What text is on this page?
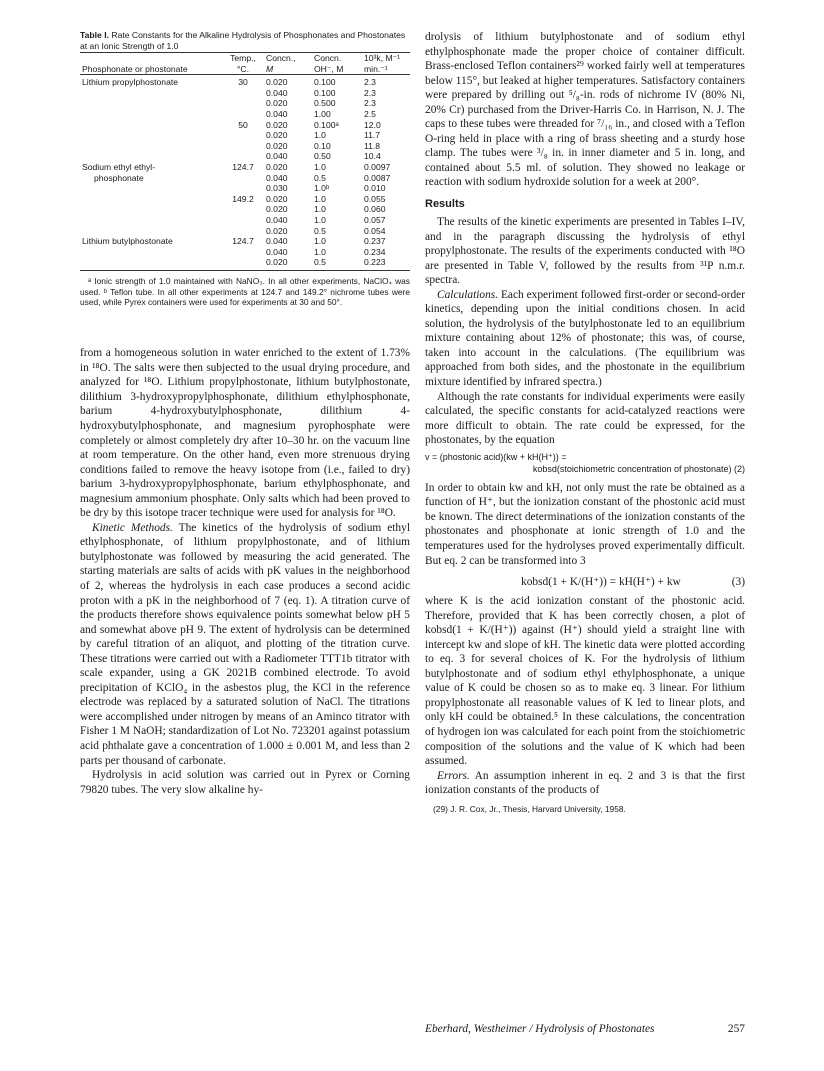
Table I. Rate Constants for the Alkaline Hydrolysis of Phosphonates and Phostonates at an Ionic Strength of 1.0

	Temp.,	Concn.,	Concn.	10³k, M⁻¹
Phosphonate or phostonate	°C.	M	OH⁻, M	min.⁻¹
Lithium propylphostonate	30	0.020	0.100	2.3
		0.040	0.100	2.3
		0.020	0.500	2.3
		0.040	1.00	2.5
	50	0.020	0.100ᵃ	12.0
		0.020	1.0	11.7
		0.020	0.10	11.8
		0.040	0.50	10.4
Sodium ethyl ethyl-	124.7	0.020	1.0	0.0097
phosphonate		0.040	0.5	0.0087
		0.030	1.0ᵇ	0.010
	149.2	0.020	1.0	0.055
		0.020	1.0	0.060
		0.040	1.0	0.057
		0.020	0.5	0.054
Lithium butylphostonate	124.7	0.040	1.0	0.237
		0.040	1.0	0.234
		0.020	0.5	0.223

ᵃ Ionic strength of 1.0 maintained with NaNO₃. In all other experiments, NaClO₄ was used. ᵇ Teflon tube. In all other experiments at 124.7 and 149.2° nichrome tubes were used, while Pyrex containers were used for experiments at 30 and 50°.

from a homogeneous solution in water enriched to the extent of 1.73% in ¹⁸O. The salts were then subjected to the usual drying procedure, and analyzed for ¹⁸O. Lithium propylphostonate, lithium butylphostonate, dilithium 3-hydroxypropylphosphonate, dilithium ethylphosphonate, barium 4-hydroxybutylphosphonate, dilithium 4-hydroxybutylphosphonate, and magnesium pyrophosphate were completely or almost completely dry after 10–30 hr. on the vacuum line at room temperature. On the other hand, even more strenuous drying conditions failed to remove the heavy isotope from (i.e., failed to dry) barium 3-hydroxypropylphosphonate, barium ethylphosphonate, and magnesium ammonium phosphate. Only salts which had been proved to be dry by this isotope tracer technique were used for analysis for ¹⁸O.

Kinetic Methods. The kinetics of the hydrolysis of sodium ethyl ethylphosphonate, of lithium propylphostonate, and of lithium butylphostonate was followed by measuring the acid generated. The starting materials are salts of acids with pK values in the neighborhood of 2, whereas the hydrolysis in each case produces a second acidic proton with a pK in the neighborhood of 7 (eq. 1). A titration curve of the products therefore shows equivalence points somewhat below pH 5 and somewhat above pH 9. The extent of hydrolysis can be determined by careful titration of an aliquot, and plotting of the titration curve. These titrations were carried out with a Radiometer TTT1b titrator with scale expander, using a GK 2021B combined electrode. To avoid precipitation of KClO₄ in the asbestos plug, the KCl in the reference electrode was replaced by a saturated solution of NaCl. The titrations were accomplished under nitrogen by means of an Aminco titrator with Fisher 1 M NaOH; standardization of Lot No. 723201 against potassium acid phthalate gave a concentration of 1.000 ± 0.001 M, and less than 2 parts per thousand of carbonate.

Hydrolysis in acid solution was carried out in Pyrex or Corning 79820 tubes. The very slow alkaline hy-

drolysis of lithium butylphostonate and of sodium ethyl ethylphosphonate made the proper choice of container difficult. Brass-enclosed Teflon containers²⁹ worked fairly well at temperatures below 115°, but leaked at higher temperatures. Satisfactory containers were prepared by drilling out ⁵/₈-in. rods of nichrome IV (80% Ni, 20% Cr) purchased from the Driver-Harris Co. in Harrison, N. J. The caps to these tubes were threaded for ⁷/₁₆ in., and closed with a Teflon O-ring held in place with a ring of brass sheeting and a sturdy hose clamp. The tubes were ³/₈ in. in inner diameter and 5 in. long, and contained about 5.5 ml. of solution. They showed no leakage or reaction with sodium hydroxide solution for a week at 200°.

Results

The results of the kinetic experiments are presented in Tables I–IV, and in the paragraph discussing the hydrolysis of ethyl propylphostonate. The results of the experiments conducted with ¹⁸O are presented in Table V, followed by the results from ³¹P n.m.r. spectra.

Calculations. Each experiment followed first-order or second-order kinetics, depending upon the initial conditions chosen. In acid solution, the hydrolysis of the butylphostonate led to an equilibrium mixture containing about 12% of phostonate; this was, of course, taken into account in the calculations. (The equilibrium was approached from both sides, and the phostonate in the equilibrium mixture identified by infrared spectra.)

Although the rate constants for individual experiments were easily calculated, the specific constants for acid-catalyzed reactions were more difficult to obtain. The rate could be expressed, for the phostonates, by the equation

v = (phostonic acid)(kw + kH(H⁺)) =

kobsd(stoichiometric concentration of phostonate) (2)

In order to obtain kw and kH, not only must the rate be obtained as a function of H⁺, but the ionization constant of the phostonic acid must be known. The direct determinations of the ionization constants of the phostonates and phosphonate at ionic strength of 1.0 and the temperatures used for the hydrolyses proved experimentally difficult. But eq. 2 can be transformed into 3

kobsd(1 + K/(H⁺)) = kH(H⁺) + kw	(3)

where K is the acid ionization constant of the phostonic acid. Therefore, provided that K has been correctly chosen, a plot of kobsd(1 + K/(H⁺)) against (H⁺) should yield a straight line with intercept kw and slope of kH. The kinetic data were plotted according to eq. 3 for several choices of K. For the hydrolysis of lithium butylphostonate and of sodium ethyl ethylphosphonate, a unique value of K could be chosen so as to make eq. 3 linear. For lithium propylphostonate all reasonable values of K led to linear plots, and only kH could be obtained.⁵ In these calculations, the concentration of hydrogen ion was calculated for each point from the stoichiometric composition of the solutions and the value of K which had been assumed.

Errors. An assumption inherent in eq. 2 and 3 is that the first ionization constants of the products of

(29) J. R. Cox, Jr., Thesis, Harvard University, 1958.

Eberhard, Westheimer / Hydrolysis of Phostonates	257
